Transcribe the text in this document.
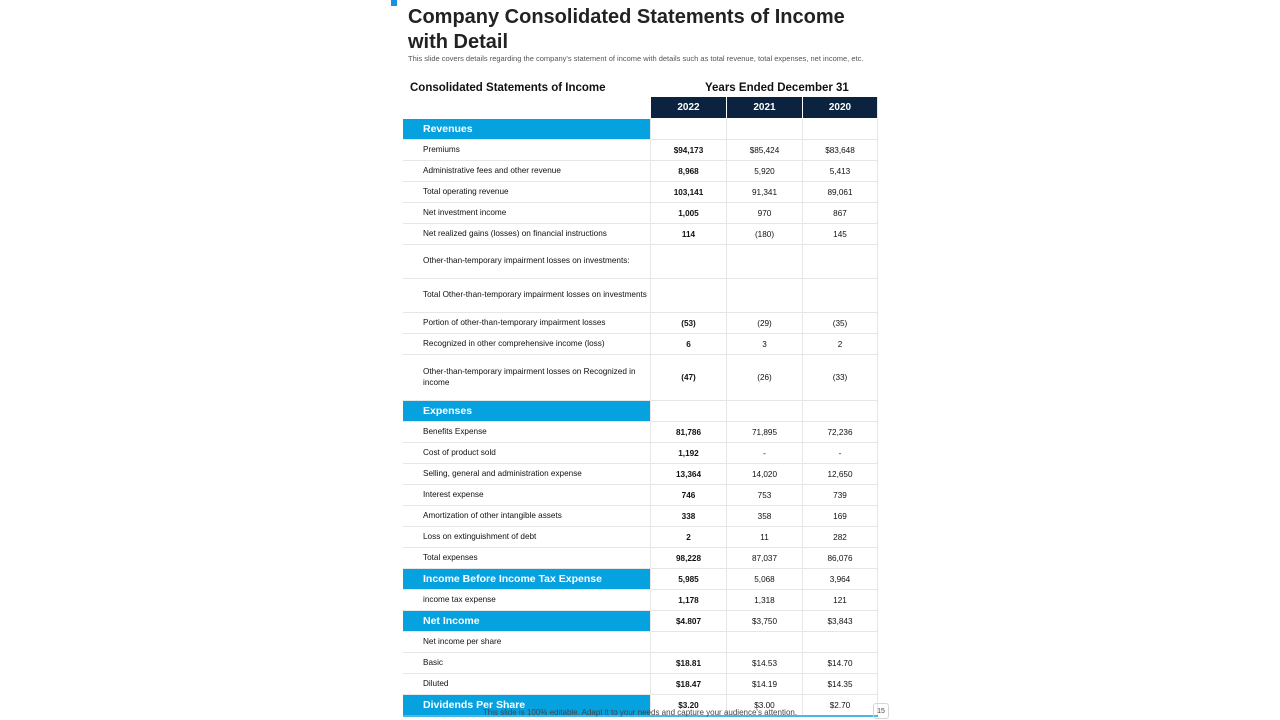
Company Consolidated Statements of Income with Detail
This slide covers details regarding the company's statement of income with details such as total revenue, total expenses, net income, etc.
Consolidated Statements of Income	Years Ended December 31
2022	2021	2020
Revenues
Premiums	$94,173	$85,424	$83,648
Administrative fees and other revenue	8,968	5,920	5,413
Total operating revenue	103,141	91,341	89,061
Net investment income	1,005	970	867
Net realized gains (losses) on financial instructions	114	(180)	145
Other-than-temporary impairment losses on investments:
Total Other-than-temporary impairment losses on investments
Portion of other-than-temporary impairment losses	(53)	(29)	(35)
Recognized in other comprehensive income (loss)	6	3	2
Other-than-temporary impairment losses on Recognized in income	(47)	(26)	(33)
Expenses
Benefits Expense	81,786	71,895	72,236
Cost of product sold	1,192	-	-
Selling, general and administration expense	13,364	14,020	12,650
Interest expense	746	753	739
Amortization of other intangible assets	338	358	169
Loss on extinguishment of debt	2	11	282
Total expenses	98,228	87,037	86,076
Income Before Income Tax Expense	5,985	5,068	3,964
income tax expense	1,178	1,318	121
Net Income	$4.807	$3,750	$3,843
Net income per share
Basic	$18.81	$14.53	$14.70
Diluted	$18.47	$14.19	$14.35
Dividends Per Share	$3.20	$3.00	$2.70
This slide is 100% editable. Adapt it to your needs and capture your audience's attention.	15
